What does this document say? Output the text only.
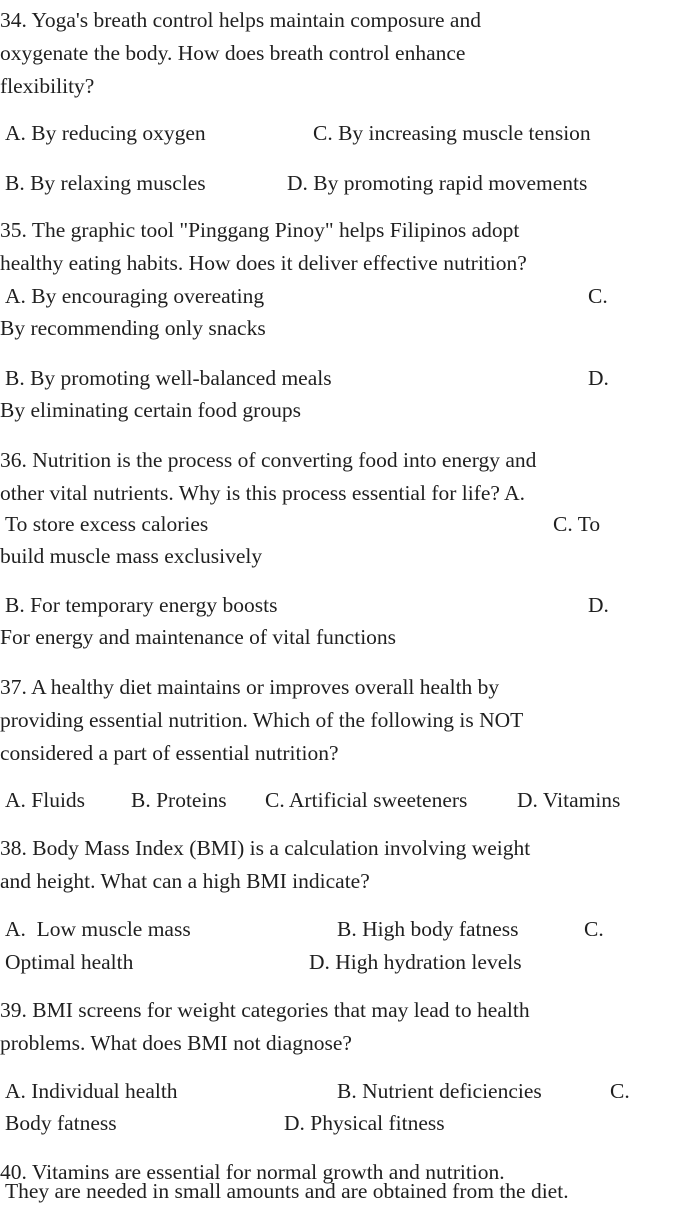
34. Yoga's breath control helps maintain composure and
oxygenate the body. How does breath control enhance
flexibility?

A. By reducing oxygen

	C. By increasing muscle tension

B. By relaxing muscles

	D. By promoting rapid movements

35. The graphic tool "Pinggang Pinoy" helps Filipinos adopt
healthy eating habits. How does it deliver effective nutrition?

A. By encouraging overeating

	C.

By recommending only snacks

B. By promoting well-balanced meals

	D.

By eliminating certain food groups
36. Nutrition is the process of converting food into energy and
other vital nutrients. Why is this process essential for life? A.

To store excess calories

	C. To

build muscle mass exclusively

B. For temporary energy boosts

	D.

For energy and maintenance of vital functions
37. A healthy diet maintains or improves overall health by
providing essential nutrition. Which of the following is NOT
considered a part of essential nutrition?

A. Fluids

B. Proteins

C. Artificial sweeteners

D. Vitamins

38. Body Mass Index (BMI) is a calculation involving weight
and height. What can a high BMI indicate?

A.  Low muscle mass

	B. High body fatness

	C.

Optimal health

	D. High hydration levels

39. BMI screens for weight categories that may lead to health
problems. What does BMI not diagnose?

A. Individual health

	B. Nutrient deficiencies

	C.

Body fatness

	D. Physical fitness

40. Vitamins are essential for normal growth and nutrition.
They are needed in small amounts and are obtained from the diet.
